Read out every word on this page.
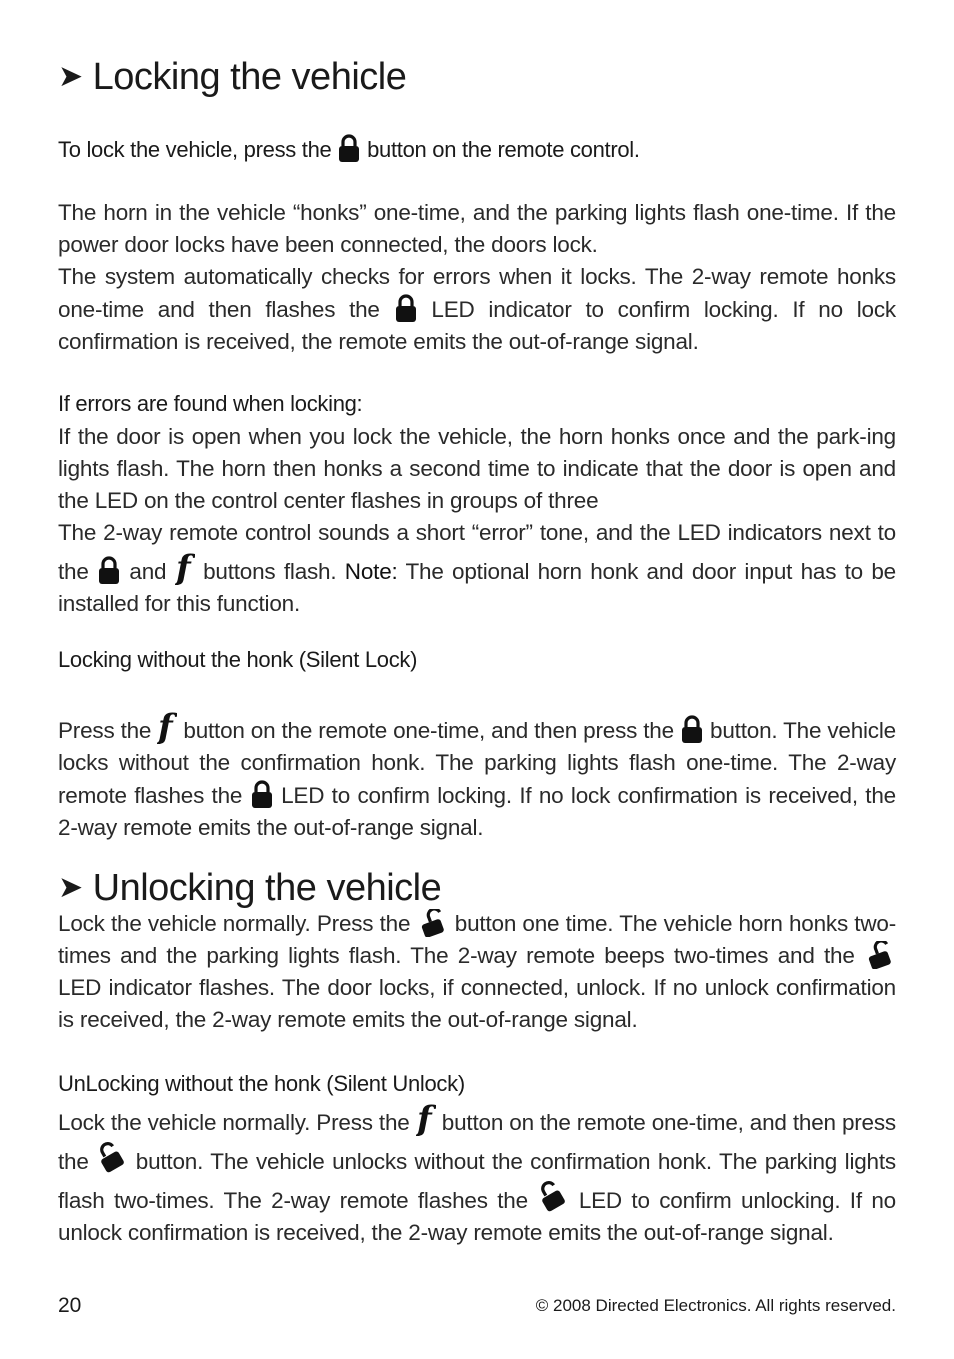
➤ Locking the vehicle

To lock the vehicle, press the button on the remote control.

The horn in the vehicle “honks” one-time, and the parking lights flash one-time. If the power door locks have been connected, the doors lock.

The system automatically checks for errors when it locks. The 2-way remote honks one-time and then flashes the LED indicator to confirm locking. If no lock confirmation is received, the remote emits the out-of-range signal.

If errors are found when locking:

If the door is open when you lock the vehicle, the horn honks once and the park-ing lights flash. The horn then honks a second time to indicate that the door is open and the LED on the control center flashes in groups of three

The 2-way remote control sounds a short “error” tone, and the LED indicators next to the and f buttons flash. Note: The optional horn honk and door input has to be installed for this function.

Locking without the honk (Silent Lock)

Press the f button on the remote one-time, and then press the button. The vehicle locks without the confirmation honk. The parking lights flash one-time. The 2-way remote flashes the LED to confirm locking. If no lock confirmation is received, the 2-way remote emits the out-of-range signal.

➤ Unlocking the vehicle

Lock the vehicle normally. Press the button one time. The vehicle horn honks two-times and the parking lights flash. The 2-way remote beeps two-times and the
LED indicator flashes. The door locks, if connected, unlock. If no unlock confirmation is received, the 2-way remote emits the out-of-range signal.

UnLocking without the honk (Silent Unlock)

Lock the vehicle normally. Press the f button on the remote one-time, and then press the button. The vehicle unlocks without the confirmation honk. The parking lights flash two-times. The 2-way remote flashes the LED to confirm unlocking. If no unlock confirmation is received, the 2-way remote emits the out-of-range signal.

20	© 2008 Directed Electronics. All rights reserved.
